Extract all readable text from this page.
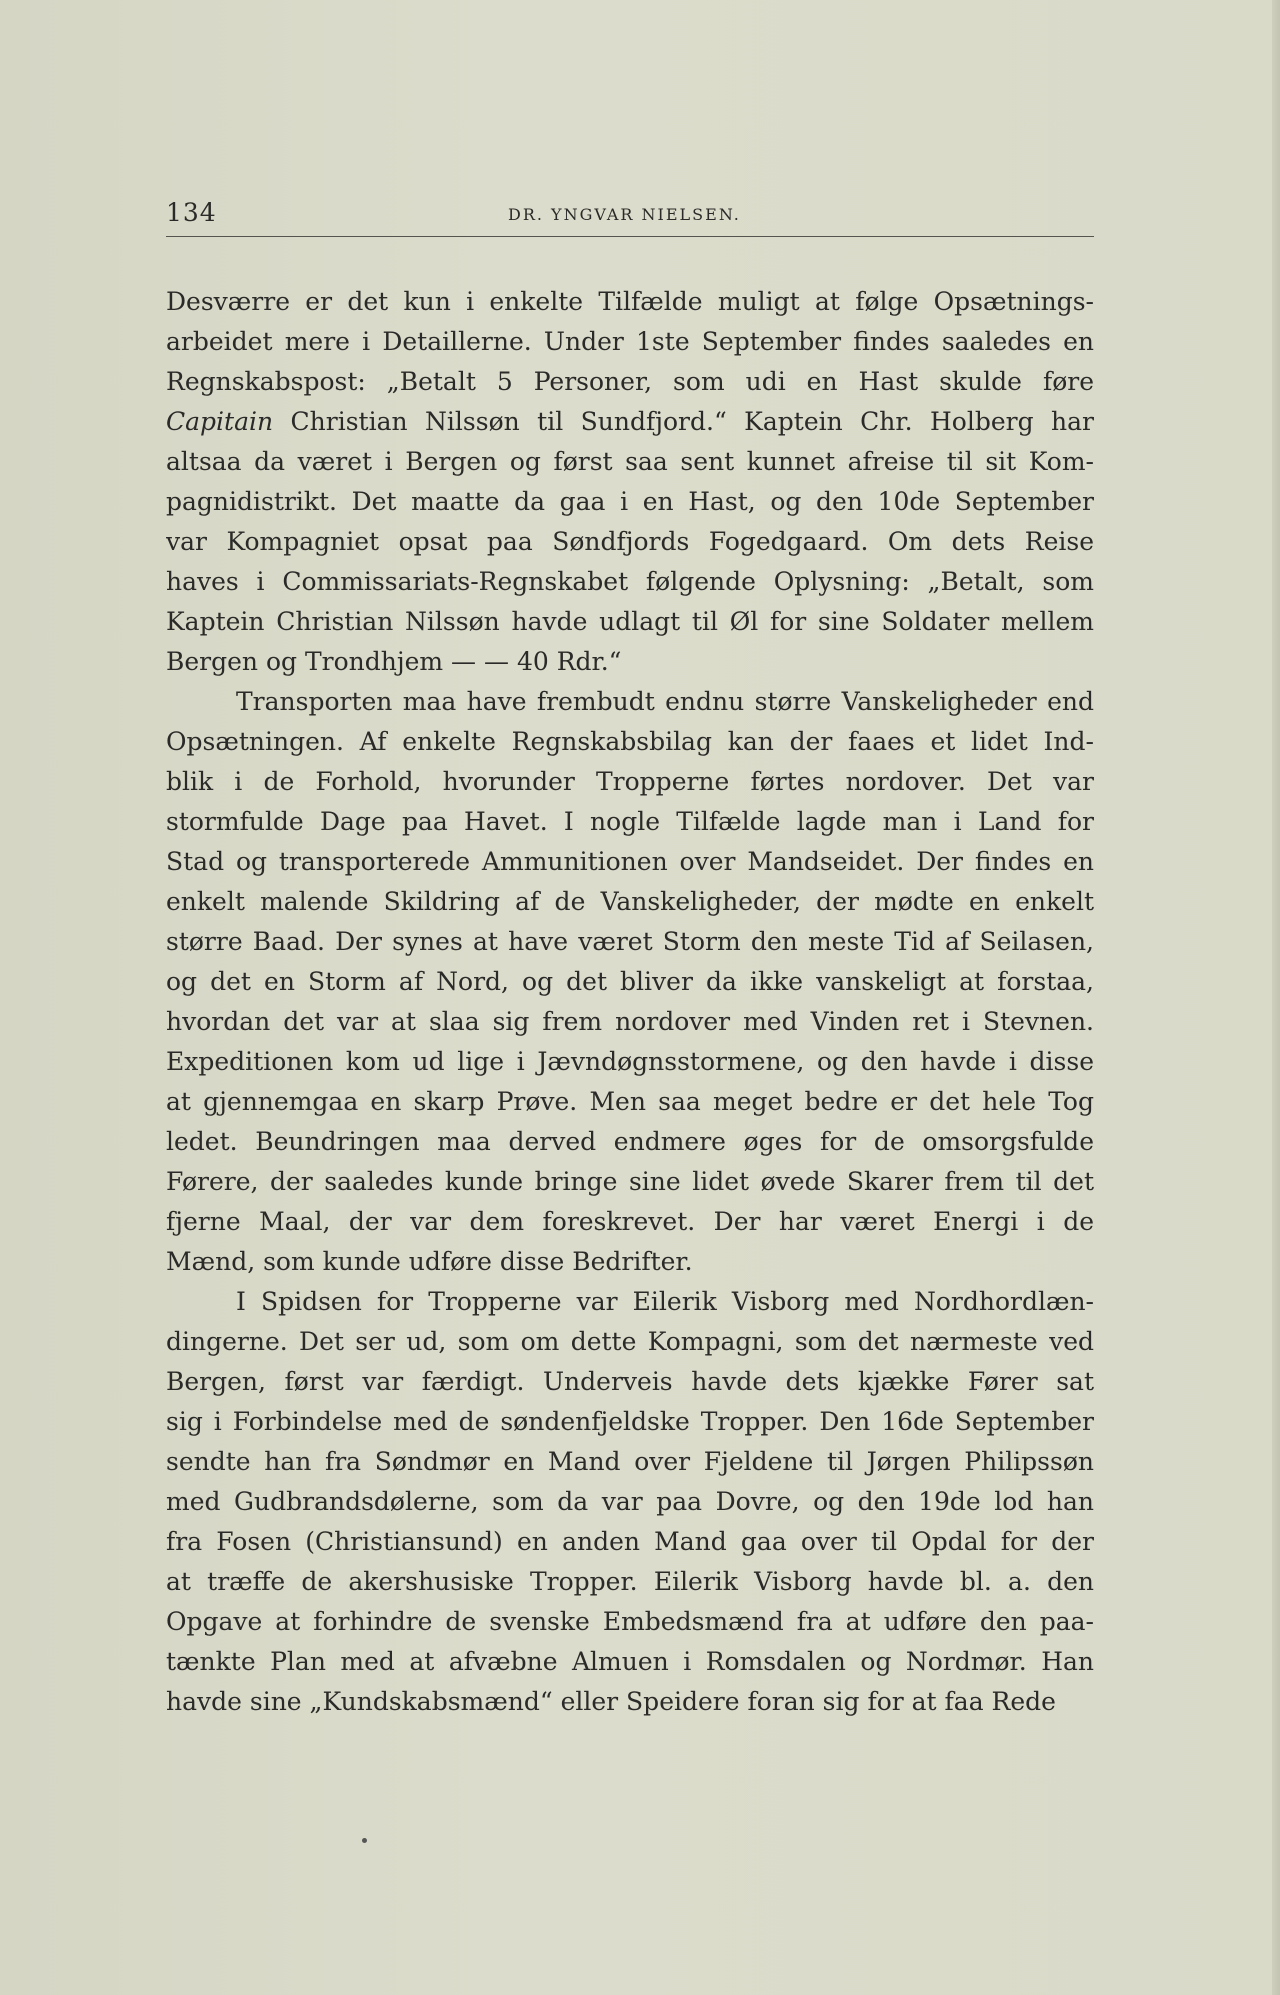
134	DR. YNGVAR NIELSEN.

Desværre er det kun i enkelte Tilfælde muligt at følge Opsætnings-
arbeidet mere i Detaillerne. Under 1ste September findes saaledes en
Regnskabspost: „Betalt 5 Personer, som udi en Hast skulde føre
Capitain Christian Nilssøn til Sundfjord.“ Kaptein Chr. Holberg har
altsaa da været i Bergen og først saa sent kunnet afreise til sit Kom-
pagnidistrikt. Det maatte da gaa i en Hast, og den 10de September
var Kompagniet opsat paa Søndfjords Fogedgaard. Om dets Reise
haves i Commissariats-Regnskabet følgende Oplysning: „Betalt, som
Kaptein Christian Nilssøn havde udlagt til Øl for sine Soldater mellem
Bergen og Trondhjem — — 40 Rdr.“

Transporten maa have frembudt endnu større Vanskeligheder end
Opsætningen. Af enkelte Regnskabsbilag kan der faaes et lidet Ind-
blik i de Forhold, hvorunder Tropperne førtes nordover. Det var
stormfulde Dage paa Havet. I nogle Tilfælde lagde man i Land for
Stad og transporterede Ammunitionen over Mandseidet. Der findes en
enkelt malende Skildring af de Vanskeligheder, der mødte en enkelt
større Baad. Der synes at have været Storm den meste Tid af Seilasen,
og det en Storm af Nord, og det bliver da ikke vanskeligt at forstaa,
hvordan det var at slaa sig frem nordover med Vinden ret i Stevnen.
Expeditionen kom ud lige i Jævndøgnsstormene, og den havde i disse
at gjennemgaa en skarp Prøve. Men saa meget bedre er det hele Tog
ledet. Beundringen maa derved endmere øges for de omsorgsfulde
Førere, der saaledes kunde bringe sine lidet øvede Skarer frem til det
fjerne Maal, der var dem foreskrevet. Der har været Energi i de
Mænd, som kunde udføre disse Bedrifter.

I Spidsen for Tropperne var Eilerik Visborg med Nordhordlæn-
dingerne. Det ser ud, som om dette Kompagni, som det nærmeste ved
Bergen, først var færdigt. Underveis havde dets kjække Fører sat
sig i Forbindelse med de søndenfjeldske Tropper. Den 16de September
sendte han fra Søndmør en Mand over Fjeldene til Jørgen Philipssøn
med Gudbrandsdølerne, som da var paa Dovre, og den 19de lod han
fra Fosen (Christiansund) en anden Mand gaa over til Opdal for der
at træffe de akershusiske Tropper. Eilerik Visborg havde bl. a. den
Opgave at forhindre de svenske Embedsmænd fra at udføre den paa-
tænkte Plan med at afvæbne Almuen i Romsdalen og Nordmør. Han
havde sine „Kundskabsmænd“ eller Speidere foran sig for at faa Rede
